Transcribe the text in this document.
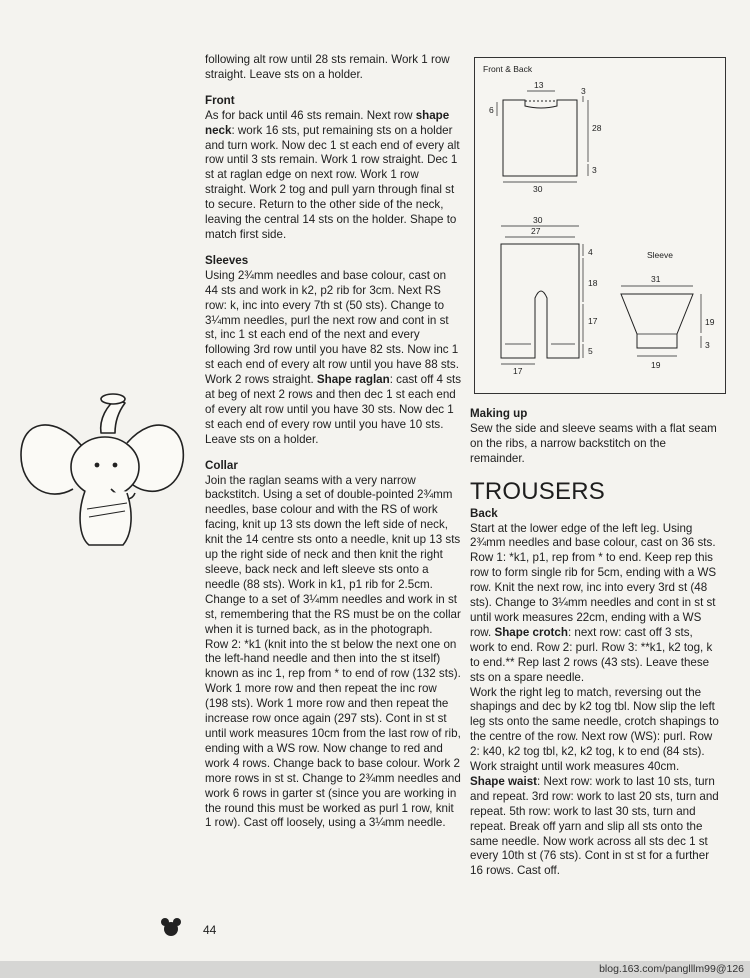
following alt row until 28 sts remain. Work 1 row straight. Leave sts on a holder.

Front

As for back until 46 sts remain. Next row shape neck: work 16 sts, put remaining sts on a holder and turn work. Now dec 1 st each end of every alt row until 3 sts remain. Work 1 row straight. Dec 1 st at raglan edge on next row. Work 1 row straight. Work 2 tog and pull yarn through final st to secure. Return to the other side of the neck, leaving the central 14 sts on the holder. Shape to match first side.

Sleeves

Using 2¾mm needles and base colour, cast on 44 sts and work in k2, p2 rib for 3cm. Next RS row: k, inc into every 7th st (50 sts). Change to 3¼mm needles, purl the next row and cont in st st, inc 1 st each end of the next and every following 3rd row until you have 82 sts. Now inc 1 st each end of every alt row until you have 88 sts. Work 2 rows straight. Shape raglan: cast off 4 sts at beg of next 2 rows and then dec 1 st each end of every alt row until you have 30 sts. Now dec 1 st each end of every row until you have 10 sts. Leave sts on a holder.

Collar

Join the raglan seams with a very narrow backstitch. Using a set of double-pointed 2¾mm needles, base colour and with the RS of work facing, knit up 13 sts down the left side of neck, knit the 14 centre sts onto a needle, knit up 13 sts up the right side of neck and then knit the right sleeve, back neck and left sleeve sts onto a needle (88 sts). Work in k1, p1 rib for 2.5cm. Change to a set of 3¼mm needles and work in st st, remembering that the RS must be on the collar when it is turned back, as in the photograph.

Row 2: *k1 (knit into the st below the next one on the left-hand needle and then into the st itself) known as inc 1, rep from * to end of row (132 sts). Work 1 more row and then repeat the inc row (198 sts). Work 1 more row and then repeat the increase row once again (297 sts). Cont in st st until work measures 10cm from the last row of rib, ending with a WS row. Now change to red and work 4 rows. Change back to base colour. Work 2 more rows in st st. Change to 2¾mm needles and work 6 rows in garter st (since you are working in the round this must be worked as purl 1 row, knit 1 row). Cast off loosely, using a 3¼mm needle.

Front & Back
13
3
6
28
3
30
30
27
4
18
17
5
17
Sleeve
31
19
3
19

Making up

Sew the side and sleeve seams with a flat seam on the ribs, a narrow backstitch on the remainder.

TROUSERS

Back

Start at the lower edge of the left leg. Using 2¾mm needles and base colour, cast on 36 sts. Row 1: *k1, p1, rep from * to end. Keep rep this row to form single rib for 5cm, ending with a WS row. Knit the next row, inc into every 3rd st (48 sts). Change to 3¼mm needles and cont in st st until work measures 22cm, ending with a WS row. Shape crotch: next row: cast off 3 sts, work to end. Row 2: purl. Row 3: **k1, k2 tog, k to end.** Rep last 2 rows (43 sts). Leave these sts on a spare needle.

Work the right leg to match, reversing out the shapings and dec by k2 tog tbl. Now slip the left leg sts onto the same needle, crotch shapings to the centre of the row. Next row (WS): purl. Row 2: k40, k2 tog tbl, k2, k2 tog, k to end (84 sts). Work straight until work measures 40cm.

Shape waist: Next row: work to last 10 sts, turn and repeat. 3rd row: work to last 20 sts, turn and repeat. 5th row: work to last 30 sts, turn and repeat. Break off yarn and slip all sts onto the same needle. Now work across all sts dec 1 st every 10th st (76 sts). Cont in st st for a further 16 rows. Cast off.

44
blog.163.com/panglllm99@126
